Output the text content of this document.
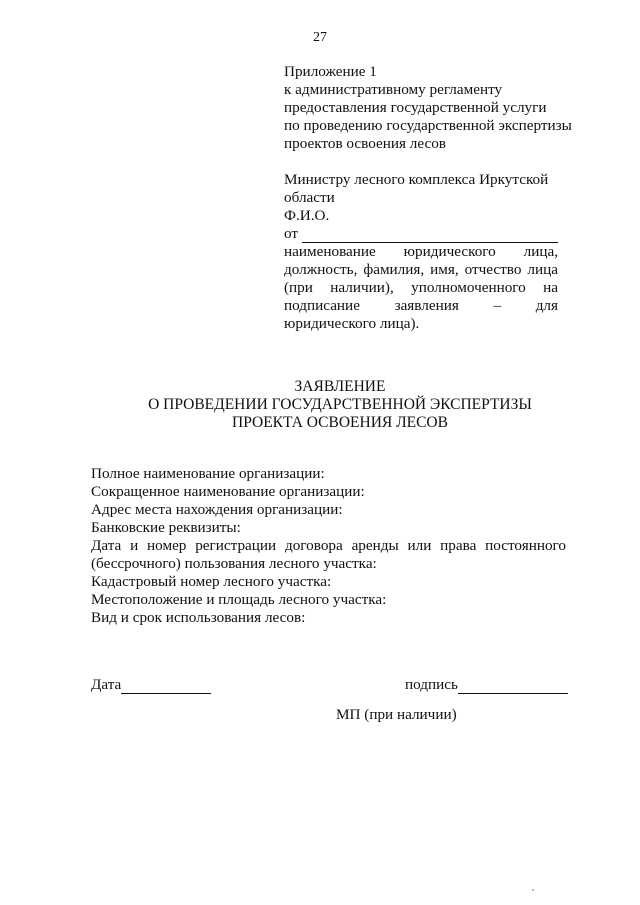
27
Приложение 1
к административному регламенту
предоставления государственной услуги
по проведению государственной экспертизы
проектов освоения лесов
Министру лесного комплекса Иркутской
области
Ф.И.О.
от
наименование юридического лица, должность, фамилия, имя, отчество лица (при наличии), уполномоченного на подписание заявления – для юридического лица).
ЗАЯВЛЕНИЕ
О ПРОВЕДЕНИИ ГОСУДАРСТВЕННОЙ ЭКСПЕРТИЗЫ
ПРОЕКТА ОСВОЕНИЯ ЛЕСОВ
Полное наименование организации:
Сокращенное наименование организации:
Адрес места нахождения организации:
Банковские реквизиты:
Дата и номер регистрации договора аренды или права постоянного (бессрочного) пользования лесного участка:
Кадастровый номер лесного участка:
Местоположение и площадь лесного участка:
Вид и срок использования лесов:
Дата	подпись
МП (при наличии)
